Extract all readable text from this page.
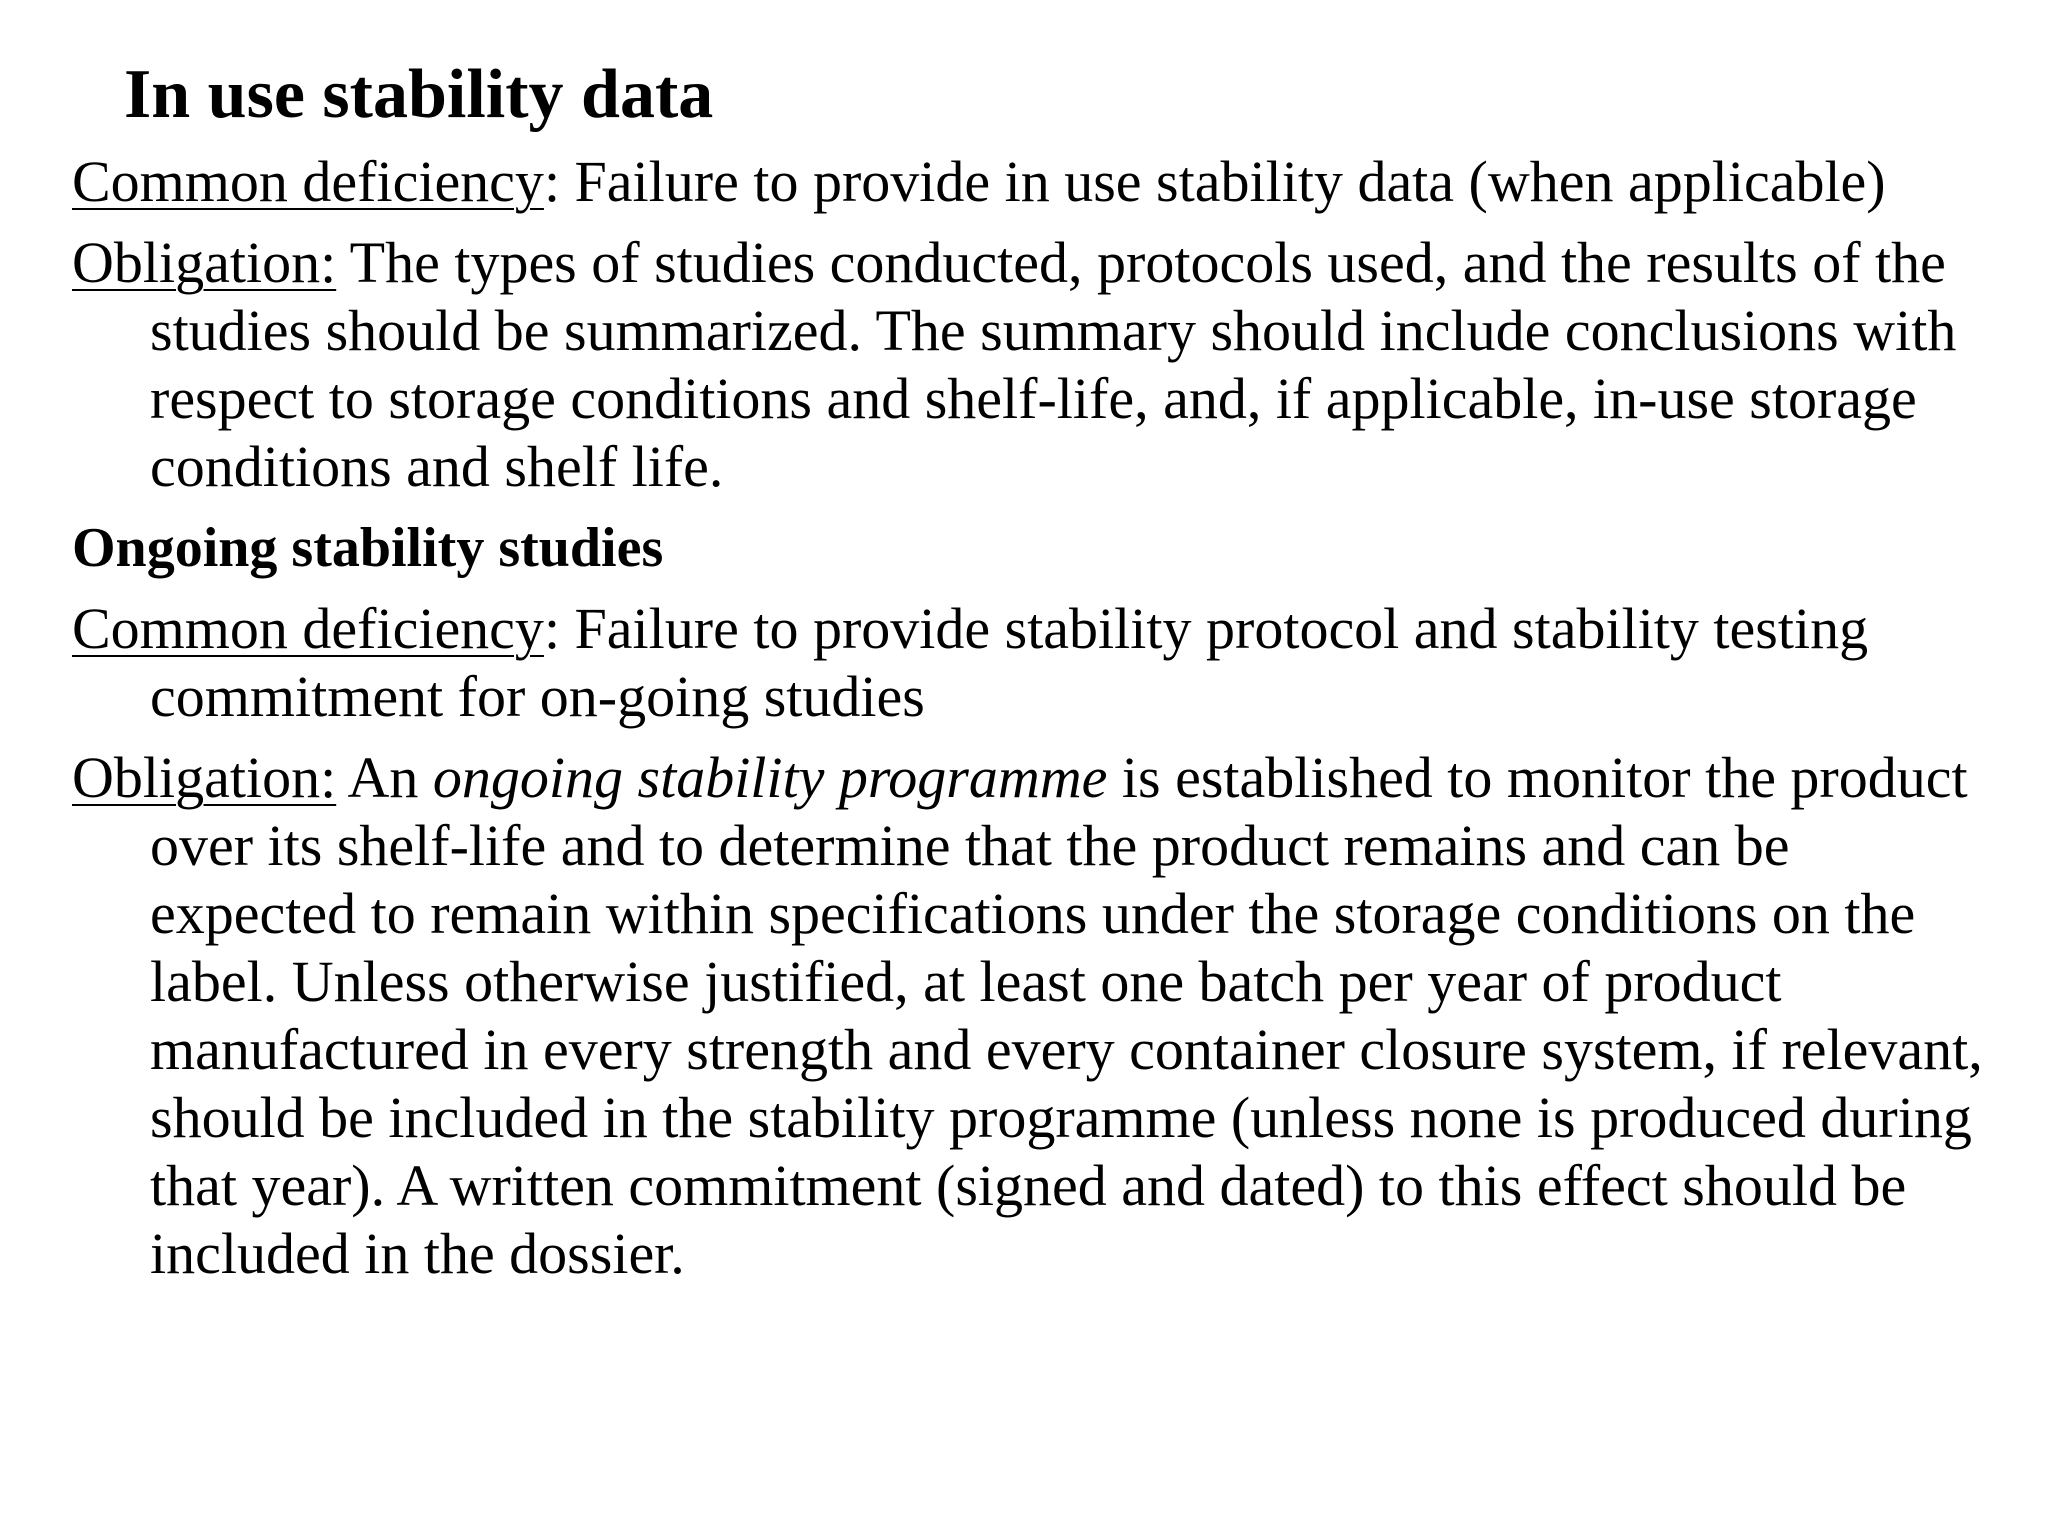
In use stability data

Common deficiency: Failure to provide in use stability data (when applicable)

Obligation: The types of studies conducted, protocols used, and the results of the studies should be summarized. The summary should include conclusions with respect to storage conditions and shelf-life, and, if applicable, in-use storage conditions and shelf life.

Ongoing stability studies

Common deficiency: Failure to provide stability protocol and stability testing commitment for on-going studies

Obligation: An ongoing stability programme is established to monitor the product over its shelf-life and to determine that the product remains and can be expected to remain within specifications under the storage conditions on the label. Unless otherwise justified, at least one batch per year of product manufactured in every strength and every container closure system, if relevant, should be included in the stability programme (unless none is produced during that year). A written commitment (signed and dated) to this effect should be included in the dossier.
